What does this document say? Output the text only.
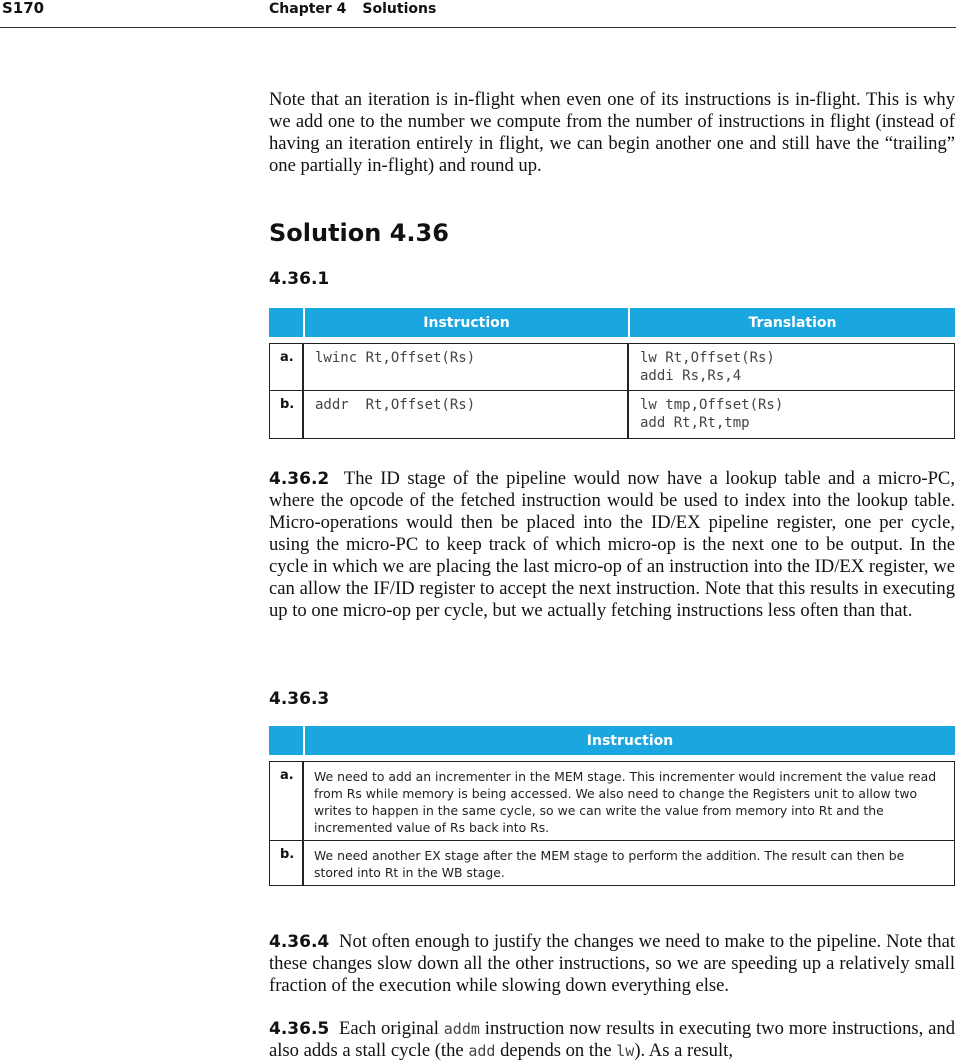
S170	Chapter 4 Solutions

Note that an iteration is in-flight when even one of its instructions is in-flight. This is why we add one to the number we compute from the number of instructions in flight (instead of having an iteration entirely in flight, we can begin another one and still have the “trailing” one partially in-flight) and round up.

Solution 4.36
4.36.1
	Instruction	Translation

a.	lwinc Rt,Offset(Rs)	lw Rt,Offset(Rs)
addi Rs,Rs,4

b.	addr  Rt,Offset(Rs)	lw tmp,Offset(Rs)
add Rt,Rt,tmp

4.36.2 The ID stage of the pipeline would now have a lookup table and a micro-PC, where the opcode of the fetched instruction would be used to index into the lookup table. Micro-operations would then be placed into the ID/EX pipeline register, one per cycle, using the micro-PC to keep track of which micro-op is the next one to be output. In the cycle in which we are placing the last micro-op of an instruction into the ID/EX register, we can allow the IF/ID register to accept the next instruction. Note that this results in executing up to one micro-op per cycle, but we actually fetching instructions less often than that.

4.36.3
	Instruction

a.	We need to add an incrementer in the MEM stage. This incrementer would increment the value read from Rs while memory is being accessed. We also need to change the Registers unit to allow two writes to happen in the same cycle, so we can write the value from memory into Rt and the incremented value of Rs back into Rs.
b.	We need another EX stage after the MEM stage to perform the addition. The result can then be stored into Rt in the WB stage.

4.36.4 Not often enough to justify the changes we need to make to the pipeline. Note that these changes slow down all the other instructions, so we are speeding up a relatively small fraction of the execution while slowing down everything else.

4.36.5 Each original addm instruction now results in executing two more instructions, and also adds a stall cycle (the add depends on the lw). As a result,
